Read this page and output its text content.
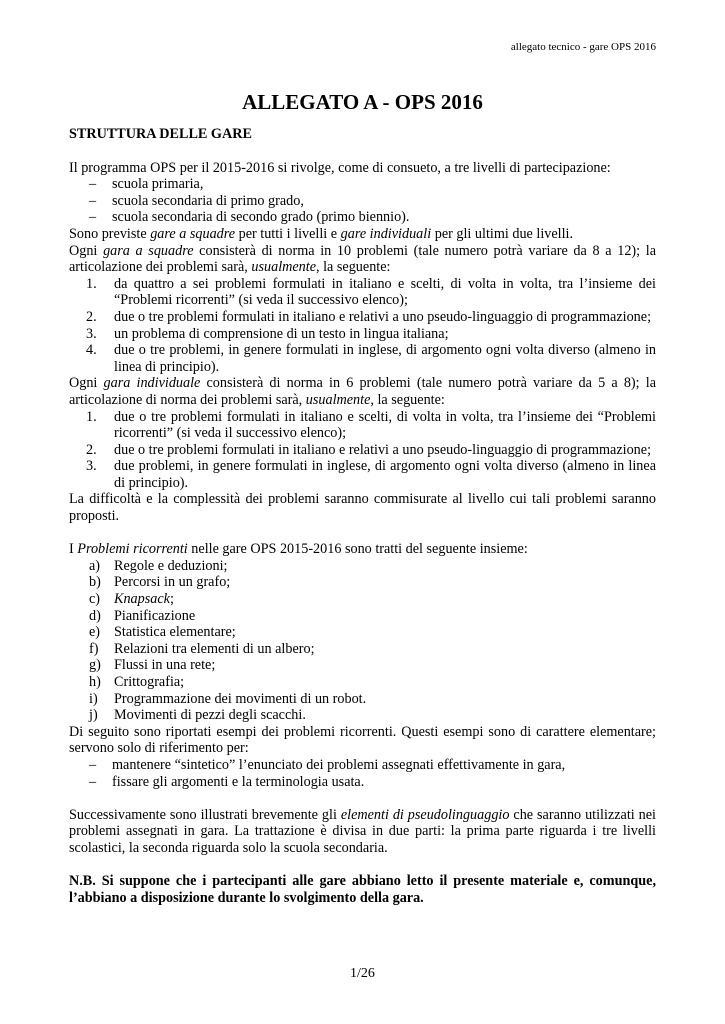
allegato tecnico - gare OPS 2016
ALLEGATO A - OPS 2016
STRUTTURA DELLE GARE

Il programma OPS per il 2015-2016 si rivolge, come di consueto, a tre livelli di partecipazione:

– scuola primaria,
– scuola secondaria di primo grado,
– scuola secondaria di secondo grado (primo biennio).

Sono previste gare a squadre per tutti i livelli e gare individuali per gli ultimi due livelli.

Ogni gara a squadre consisterà di norma in 10 problemi (tale numero potrà variare da 8 a 12); la articolazione dei problemi sarà, usualmente, la seguente:

1. da quattro a sei problemi formulati in italiano e scelti, di volta in volta, tra l’insieme dei “Problemi ricorrenti” (si veda il successivo elenco);
2. due o tre problemi formulati in italiano e relativi a uno pseudo-linguaggio di programmazione;
3. un problema di comprensione di un testo in lingua italiana;
4. due o tre problemi, in genere formulati in inglese, di argomento ogni volta diverso (almeno in linea di principio).

Ogni gara individuale consisterà di norma in 6 problemi (tale numero potrà variare da 5 a 8); la articolazione di norma dei problemi sarà, usualmente, la seguente:

1. due o tre problemi formulati in italiano e scelti, di volta in volta, tra l’insieme dei “Problemi ricorrenti” (si veda il successivo elenco);
2. due o tre problemi formulati in italiano e relativi a uno pseudo-linguaggio di programmazione;
3. due problemi, in genere formulati in inglese, di argomento ogni volta diverso (almeno in linea di principio).

La difficoltà e la complessità dei problemi saranno commisurate al livello cui tali problemi saranno proposti.

I Problemi ricorrenti nelle gare OPS 2015-2016 sono tratti del seguente insieme:

a) Regole e deduzioni;
b) Percorsi in un grafo;
c) Knapsack;
d) Pianificazione
e) Statistica elementare;
f) Relazioni tra elementi di un albero;
g) Flussi in una rete;
h) Crittografia;
i) Programmazione dei movimenti di un robot.
j) Movimenti di pezzi degli scacchi.

Di seguito sono riportati esempi dei problemi ricorrenti. Questi esempi sono di carattere elementare; servono solo di riferimento per:

– mantenere “sintetico” l’enunciato dei problemi assegnati effettivamente in gara,
– fissare gli argomenti e la terminologia usata.

Successivamente sono illustrati brevemente gli elementi di pseudolinguaggio che saranno utilizzati nei problemi assegnati in gara. La trattazione è divisa in due parti: la prima parte riguarda i tre livelli scolastici, la seconda riguarda solo la scuola secondaria.

N.B. Si suppone che i partecipanti alle gare abbiano letto il presente materiale e, comunque, l’abbiano a disposizione durante lo svolgimento della gara.

1/26
